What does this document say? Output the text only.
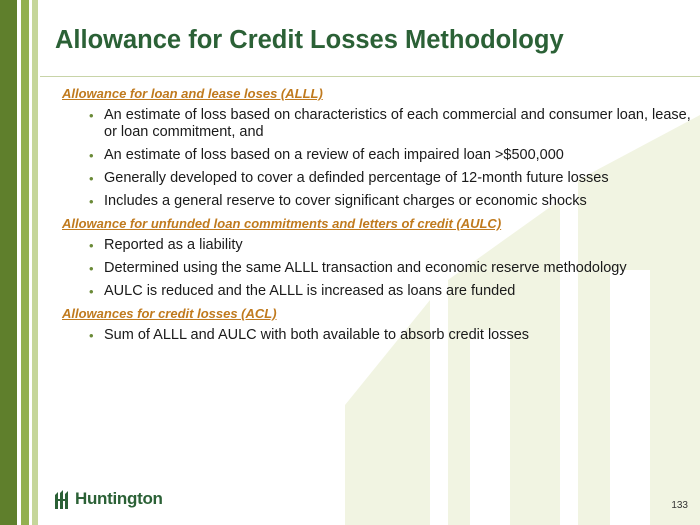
Allowance for Credit Losses Methodology

Allowance for loan and lease loses (ALLL)

• An estimate of loss based on characteristics of each commercial and consumer loan, lease, or loan commitment, and
• An estimate of loss based on a review of each impaired loan >$500,000
• Generally developed to cover a definded percentage of 12-month future losses
• Includes a general reserve to cover significant charges or economic shocks

Allowance for unfunded loan commitments and letters of credit (AULC)

• Reported as a liability
• Determined using the same ALLL transaction and economic reserve methodology
• AULC is reduced and the ALLL is increased as loans are funded

Allowances for credit losses (ACL)

• Sum of ALLL and AULC with both available to absorb credit losses
Huntington	133
